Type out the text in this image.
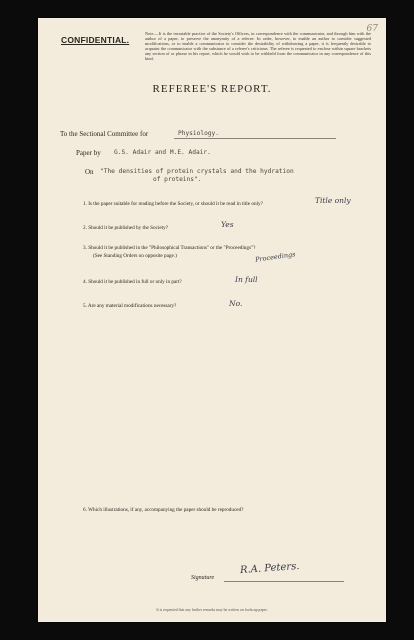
67
CONFIDENTIAL.
Note.—It is the invariable practice of the Society's Officers, in correspondence with the communicator, and through him with the author of a paper, to preserve the anonymity of a referee. In order, however, to enable an author to consider suggested modifications, or to enable a communicator to consider the desirability of withdrawing a paper, it is frequently desirable to acquaint the communicator with the substance of a referee's criticisms. The referee is requested to enclose within square brackets any section of or phrase in his report, which he would wish to be withheld from the communicator in any correspondence of this kind.
REFEREE'S REPORT.
To the Sectional Committee for	Physiology.
Paper by G.S. Adair and M.E. Adair.
On "The densities of protein crystals and the hydration
of proteins".
1. Is the paper suitable for reading before the Society, or should it be read in title only?	Title only
2. Should it be published by the Society?	Yes
3. Should it be published in the "Philosophical Transactions" or the "Proceedings"?
(See Standing Orders on opposite page.)	Proceedings
4. Should it be published in full or only in part?	In full
5. Are any material modifications necessary?	No.
6. Which illustrations, if any, accompanying the paper should be reproduced?
Signature
R.A. Peters.
It is requested that any further remarks may be written on foolscap paper.
